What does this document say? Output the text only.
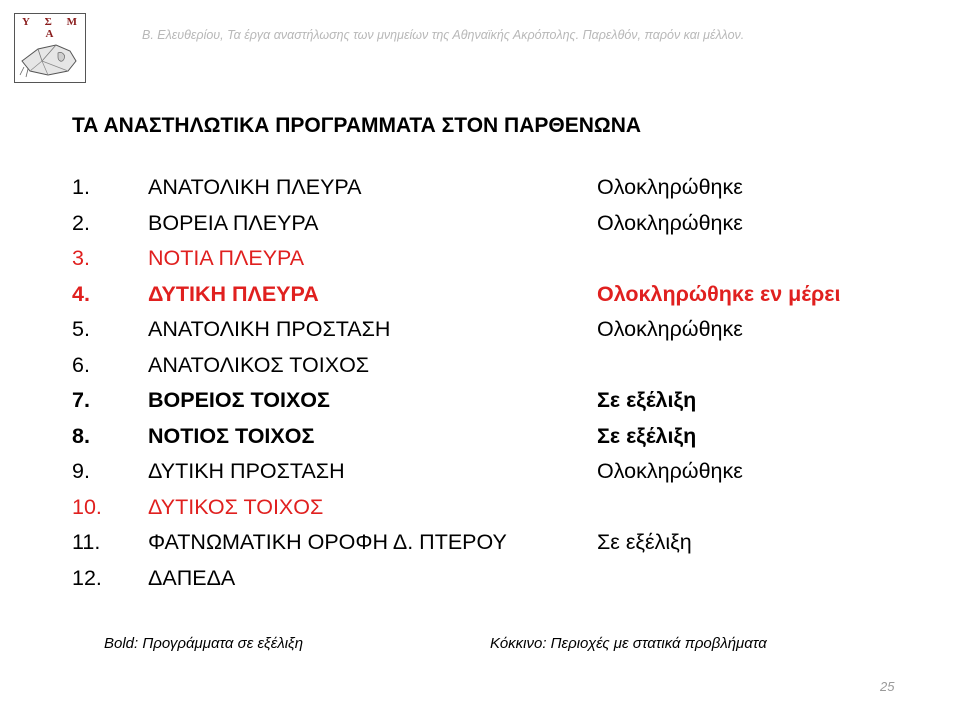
Υ Σ Μ Α	Β. Ελευθερίου, Τα έργα αναστήλωσης των μνημείων της Αθηναϊκής Ακρόπολης. Παρελθόν, παρόν και μέλλον.
ΤΑ ΑΝΑΣΤΗΛΩΤΙΚΑ ΠΡΟΓΡΑΜΜΑΤΑ ΣΤΟΝ ΠΑΡΘΕΝΩΝΑ
1.	ΑΝΑΤΟΛΙΚΗ ΠΛΕΥΡΑ	Ολοκληρώθηκε
2.	ΒΟΡΕΙΑ ΠΛΕΥΡΑ	Ολοκληρώθηκε
3.	ΝΟΤΙΑ ΠΛΕΥΡΑ
4.	ΔΥΤΙΚΗ ΠΛΕΥΡΑ	Ολοκληρώθηκε εν μέρει
5.	ΑΝΑΤΟΛΙΚΗ ΠΡΟΣΤΑΣΗ	Ολοκληρώθηκε
6.	ΑΝΑΤΟΛΙΚΟΣ ΤΟΙΧΟΣ
7.	ΒΟΡΕΙΟΣ ΤΟΙΧΟΣ	Σε εξέλιξη
8.	ΝΟΤΙΟΣ ΤΟΙΧΟΣ	Σε εξέλιξη
9.	ΔΥΤΙΚΗ ΠΡΟΣΤΑΣΗ	Ολοκληρώθηκε
10. ΔΥΤΙΚΟΣ ΤΟΙΧΟΣ
11. ΦΑΤΝΩΜΑΤΙΚΗ ΟΡΟΦΗ Δ. ΠΤΕΡΟΥ	Σε εξέλιξη
12. ΔΑΠΕΔΑ
Bold: Προγράμματα σε εξέλιξη	Κόκκινο: Περιοχές με στατικά προβλήματα
25
